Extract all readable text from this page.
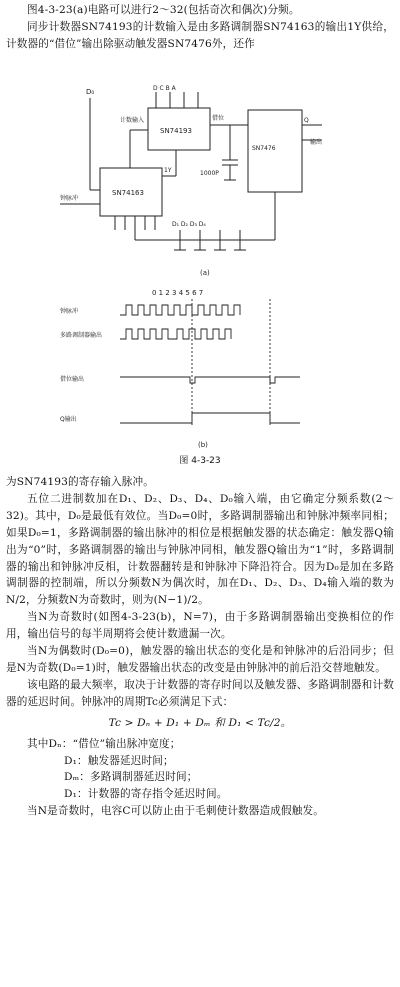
图4-3-23(a)电路可以进行2～32(包括奇次和偶次)分频。

同步计数器SN74193的计数输入是由多路调制器SN74163的输出1Y供给，计数器的“借位”输出除驱动触发器SN7476外，还作

SN74193
SN74163
SN7476
D₀
计数输入	借位	Q
输出
1000P
钟脉冲
1Y
D C B A
D₁ D₂ D₃ D₄
(a)
0 1 2 3 4 5 6 7
钟脉冲
多路调制器输出
借位输出
Q输出
(b)
图 4-3-23

为SN74193的寄存输入脉冲。

五位二进制数加在D₁、D₂、D₃、D₄、D₀输入端，由它确定分频系数(2～32)。其中，D₀是最低有效位。当D₀=0时，多路调制器输出和钟脉冲频率同相；如果D₀=1，多路调制器的输出脉冲的相位是根据触发器的状态确定：触发器Q输出为“0”时，多路调制器的输出与钟脉冲同相，触发器Q输出为“1”时，多路调制器的输出和钟脉冲反相，计数器翻转是和钟脉冲下降沿符合。因为D₀是加在多路调制器的控制端，所以分频数N为偶次时，加在D₁、D₂、D₃、D₄输入端的数为N/2，分频数N为奇数时，则为(N−1)/2。

当N为奇数时(如图4-3-23(b)，N=7)，由于多路调制器输出变换相位的作用，输出信号的每半周期将会使计数遗漏一次。

当N为偶数时(D₀=0)，触发器的输出状态的变化是和钟脉冲的后沿同步；但是N为奇数(D₀=1)时，触发器输出状态的改变是由钟脉冲的前后沿交替地触发。

该电路的最大频率，取决于计数器的寄存时间以及触发器、多路调制器和计数器的延迟时间。钟脉冲的周期Tc必须满足下式：

Tc > Dₙ + D₁ + Dₘ 和 D₁ < Tc/2。

其中Dₙ：“借位”输出脉冲宽度；

D₁：触发器延迟时间；

Dₘ：多路调制器延迟时间；

D₁：计数器的寄存指令延迟时间。

当N是奇数时，电容C可以防止由于毛刺使计数器造成假触发。
